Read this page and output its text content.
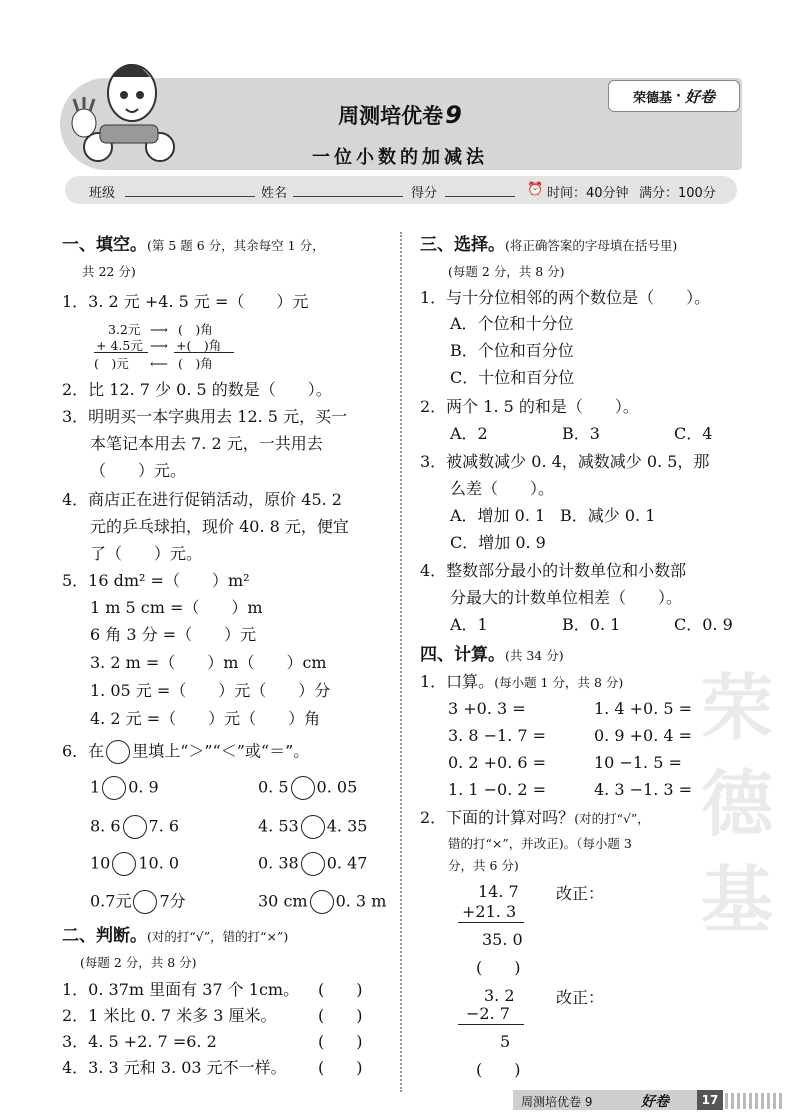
周测培优卷9
一位小数的加减法
荣德基 · 好卷
班级	姓名	得分	⏰ 时间：40分钟 满分：100分
一、填空。(第 5 题 6 分，其余每空 1 分，
共 22 分)
1．3. 2 元 +4. 5 元 =（　　）元
3.2元 ⟶ (　)角
+ 4.5元 ⟶ +(　)角
(　)元 ⟵ (　)角
2．比 12. 7 少 0. 5 的数是（　　）。
3．明明买一本字典用去 12. 5 元，买一
本笔记本用去 7. 2 元，一共用去
（　　）元。
4．商店正在进行促销活动，原价 45. 2
元的乒乓球拍，现价 40. 8 元，便宜
了（　　）元。
5．16 dm² =（　　）m²
1 m 5 cm =（　　）m
6 角 3 分 =（　　）元
3. 2 m =（　　）m（　　）cm
1. 05 元 =（　　）元（　　）分
4. 2 元 =（　　）元（　　）角
6．在 里填上“＞”“＜”或“＝”。
1 0. 9	0. 5 0. 05
8. 6 7. 6	4. 53 4. 35
10 10. 0	0. 38 0. 47
0.7元 7分	30 cm 0. 3 m
二、判断。(对的打“√”，错的打“×”)
(每题 2 分，共 8 分)
1．0. 37m 里面有 37 个 1cm。 (　　)
2．1 米比 0. 7 米多 3 厘米。	(　　)
3．4. 5 +2. 7 =6. 2	(　　)
4．3. 3 元和 3. 03 元不一样。 (　　)
三、选择。(将正确答案的字母填在括号里)
(每题 2 分，共 8 分)
1．与十分位相邻的两个数位是（　　）。
A．个位和十分位
B．个位和百分位
C．十位和百分位
2．两个 1. 5 的和是（　　）。
A．2	B．3	C．4
3．被减数减少 0. 4，减数减少 0. 5，那
么差（　　）。
A．增加 0. 1 B．减少 0. 1
C．增加 0. 9
4．整数部分最小的计数单位和小数部
分最大的计数单位相差（　　）。
A．1	B．0. 1	C．0. 9
荣德基
四、计算。(共 34 分)
1．口算。(每小题 1 分，共 8 分)
3 +0. 3 =	1. 4 +0. 5 =
3. 8 −1. 7 =	0. 9 +0. 4 =
0. 2 +0. 6 =	10 −1. 5 =
1. 1 −0. 2 =	4. 3 −1. 3 =
2．下面的计算对吗？(对的打“√”，
错的打“×”，并改正)。（每小题 3
分，共 6 分)
14. 7
+21. 3
35. 0
(　　)
改正：
3. 2
−2. 7
5
(　　)
改正：
周测培优卷 9	好卷	17
